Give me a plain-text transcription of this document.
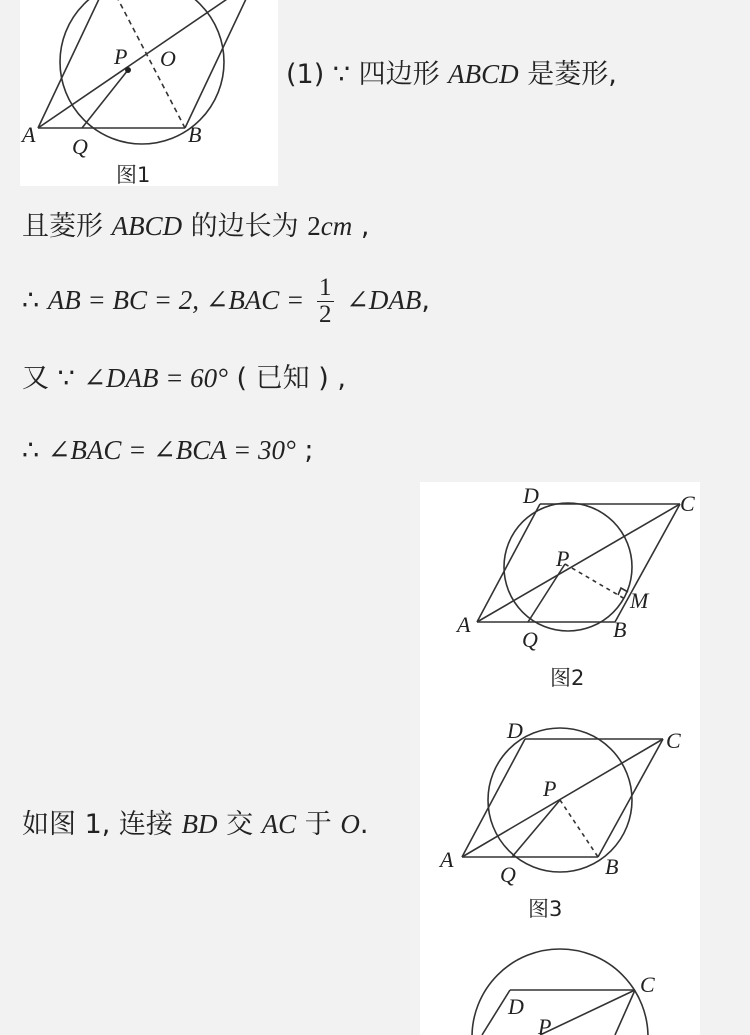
A	B
P O
Q
图1
(1) ∵ 四边形 ABCD 是菱形,
且菱形 ABCD 的边长为 2cm ,
∴ AB = BC = 2, ∠BAC = $\frac{1}{2}$ ∠DAB,
又 ∵ ∠DAB = 60° ( 已知 ) ,
∴ ∠BAC = ∠BCA = 30° ;
如图 1, 连接 BD 交 AC 于 O.
D	C
P
M
A	B
Q
图2
D	C
P
A	B
Q
图3
C
D
P
